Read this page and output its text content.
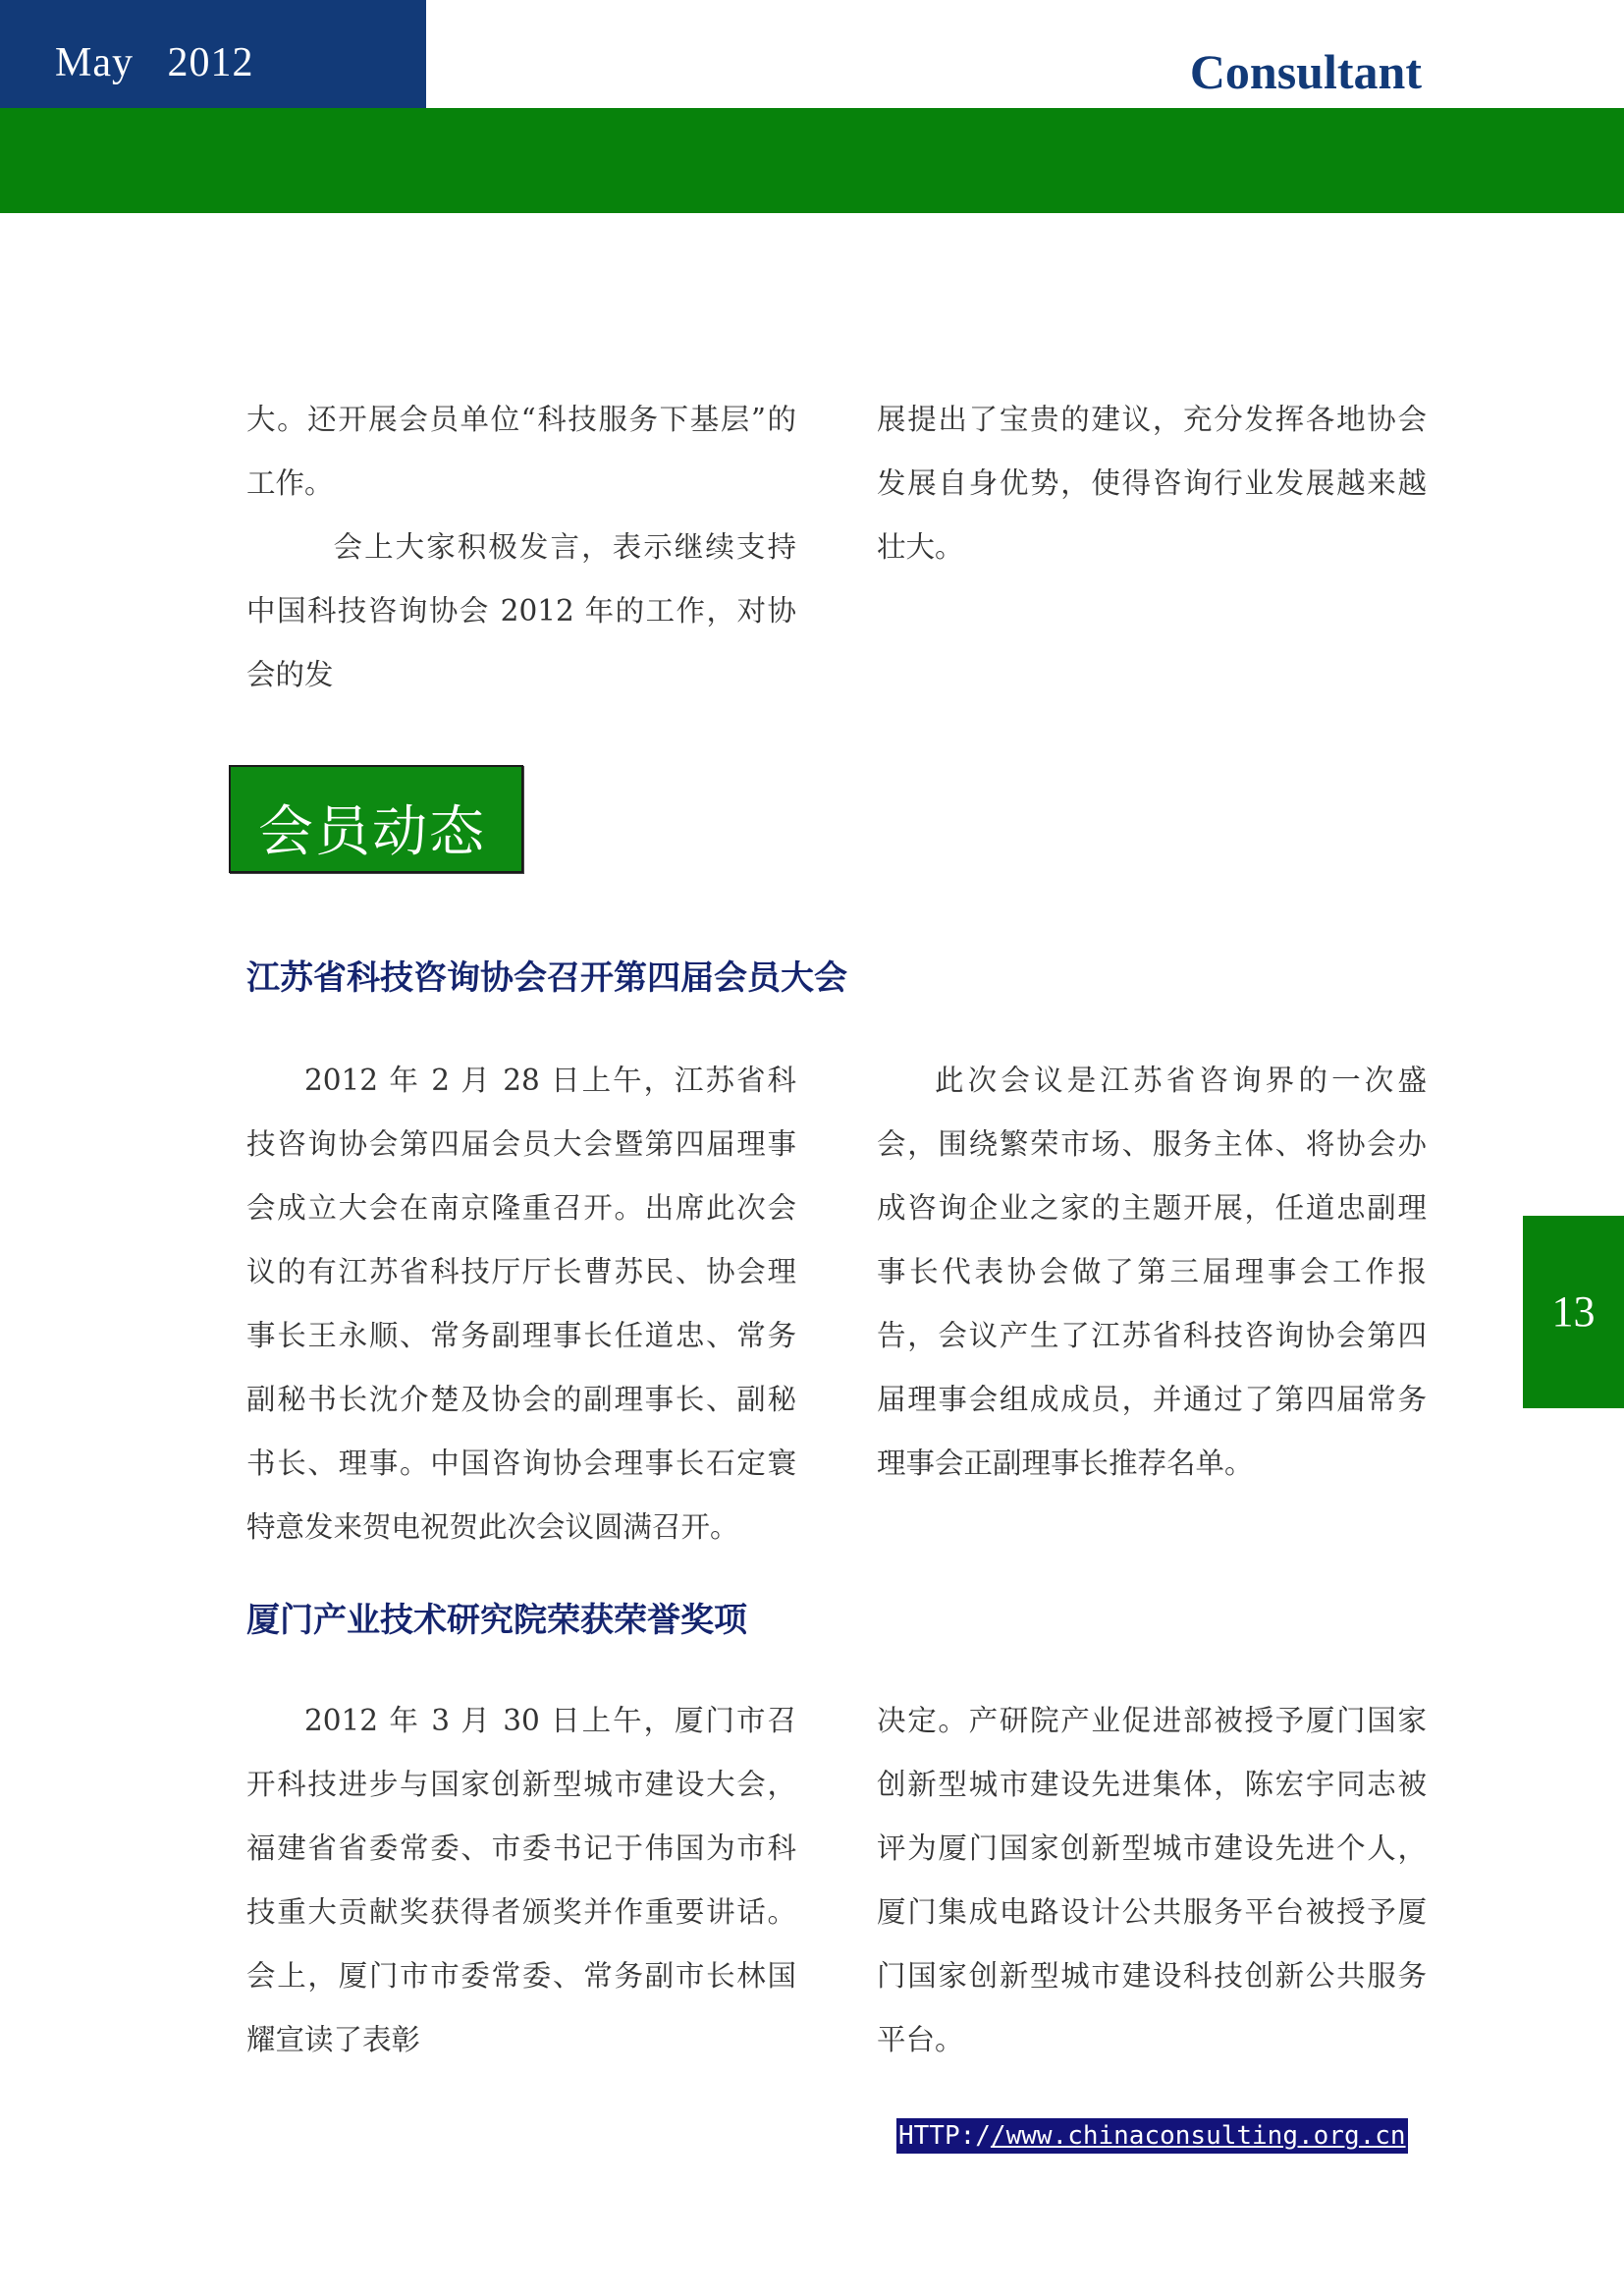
May   2012	Consultant

大。还开展会员单位“科技服务下基层”的工作。

会上大家积极发言，表示继续支持中国科技咨询协会 2012 年的工作，对协会的发

展提出了宝贵的建议，充分发挥各地协会发展自身优势，使得咨询行业发展越来越壮大。

会员动态
江苏省科技咨询协会召开第四届会员大会

2012 年 2 月 28 日上午，江苏省科技咨询协会第四届会员大会暨第四届理事会成立大会在南京隆重召开。出席此次会议的有江苏省科技厅厅长曹苏民、协会理事长王永顺、常务副理事长任道忠、常务副秘书长沈介楚及协会的副理事长、副秘书长、理事。中国咨询协会理事长石定寰特意发来贺电祝贺此次会议圆满召开。

此次会议是江苏省咨询界的一次盛会，围绕繁荣市场、服务主体、将协会办成咨询企业之家的主题开展，任道忠副理事长代表协会做了第三届理事会工作报告，会议产生了江苏省科技咨询协会第四届理事会组成成员，并通过了第四届常务理事会正副理事长推荐名单。

厦门产业技术研究院荣获荣誉奖项

2012 年 3 月 30 日上午，厦门市召开科技进步与国家创新型城市建设大会，福建省省委常委、市委书记于伟国为市科技重大贡献奖获得者颁奖并作重要讲话。会上，厦门市市委常委、常务副市长林国耀宣读了表彰

决定。产研院产业促进部被授予厦门国家创新型城市建设先进集体，陈宏宇同志被评为厦门国家创新型城市建设先进个人，厦门集成电路设计公共服务平台被授予厦门国家创新型城市建设科技创新公共服务平台。

13
HTTP://www.chinaconsulting.org.cn
